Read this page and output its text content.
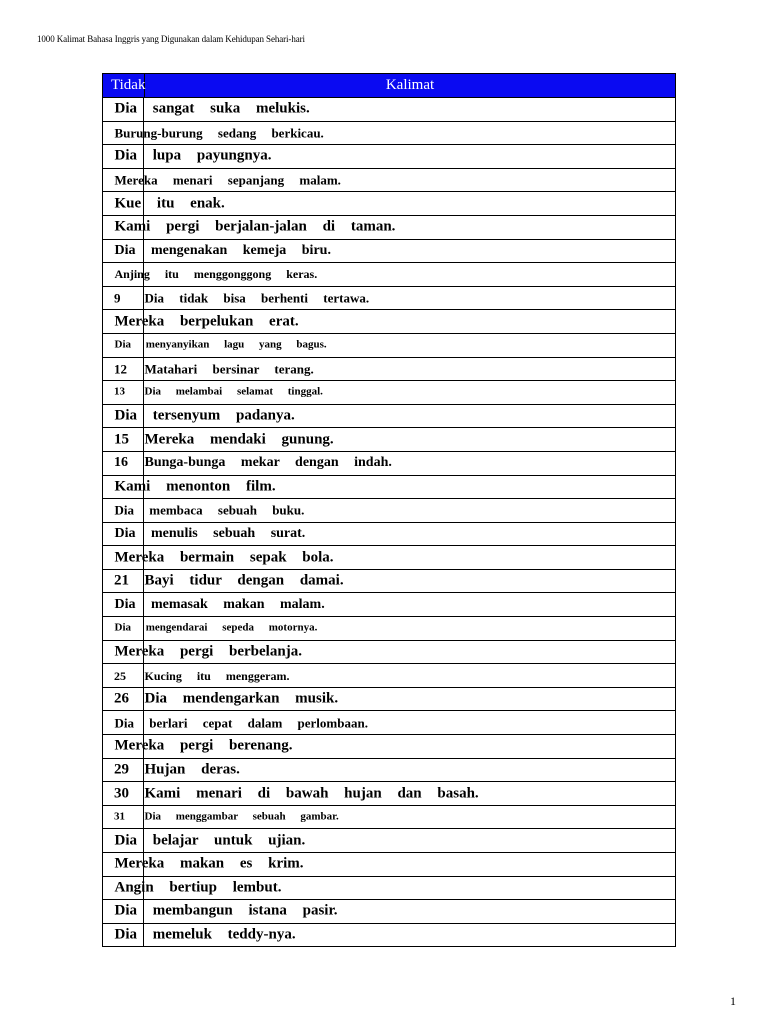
1000 Kalimat Bahasa Inggris yang Digunakan dalam Kehidupan Sehari-hari
Tidak	Kalimat

	Dia sangat suka melukis.

	Burung-burung sedang berkicau.

	Dia lupa payungnya.

	Mereka menari sepanjang malam.

	Kue itu enak.

	Kami pergi berjalan-jalan di taman.

	Dia mengenakan kemeja biru.

	Anjing itu menggonggong keras.

9	Dia tidak bisa berhenti tertawa.

	Mereka berpelukan erat.

	Dia menyanyikan lagu yang bagus.

12	Matahari bersinar terang.

13	Dia melambai selamat tinggal.

	Dia tersenyum padanya.

15	Mereka mendaki gunung.

16	Bunga-bunga mekar dengan indah.

	Kami menonton film.

	Dia membaca sebuah buku.

	Dia menulis sebuah surat.

	Mereka bermain sepak bola.

21	Bayi tidur dengan damai.

	Dia memasak makan malam.

	Dia mengendarai sepeda motornya.

	Mereka pergi berbelanja.

25	Kucing itu menggeram.

26	Dia mendengarkan musik.

	Dia berlari cepat dalam perlombaan.

	Mereka pergi berenang.

29	Hujan deras.

30	Kami menari di bawah hujan dan basah.

31	Dia menggambar sebuah gambar.

	Dia belajar untuk ujian.

	Mereka makan es krim.

	Angin bertiup lembut.

	Dia membangun istana pasir.

	Dia memeluk teddy-nya.
1
